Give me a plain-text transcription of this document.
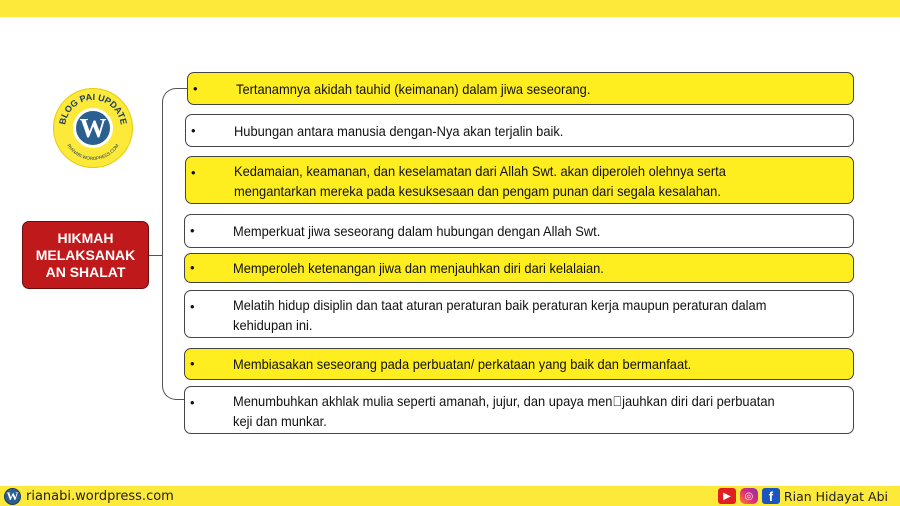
BLOG PAI UPDATE
RIANABI.WORDPRESS.COM
W
HIKMAH MELAKSANAK AN SHALAT
•	Tertanamnya akidah tauhid (keimanan) dalam jiwa seseorang.
•	Hubungan antara manusia dengan-Nya akan terjalin baik.
•	Kedamaian, keamanan, dan keselamatan dari Allah Swt. akan diperoleh olehnya serta mengantarkan mereka pada kesuksesaan dan pengam punan dari segala kesalahan.
•	Memperkuat jiwa seseorang dalam hubungan dengan Allah Swt.
•	Memperoleh ketenangan jiwa dan menjauhkan diri dari kelalaian.
•	Melatih hidup disiplin dan taat aturan peraturan baik peraturan kerja maupun peraturan dalam kehidupan ini.
•	Membiasakan seseorang pada perbuatan/ perkataan yang baik dan bermanfaat.
•	Menumbuhkan akhlak mulia seperti amanah, jujur, dan upaya men jauhkan diri dari perbuatan keji dan munkar.
W rianabi.wordpress.com	▶	◎	f Rian Hidayat Abi
